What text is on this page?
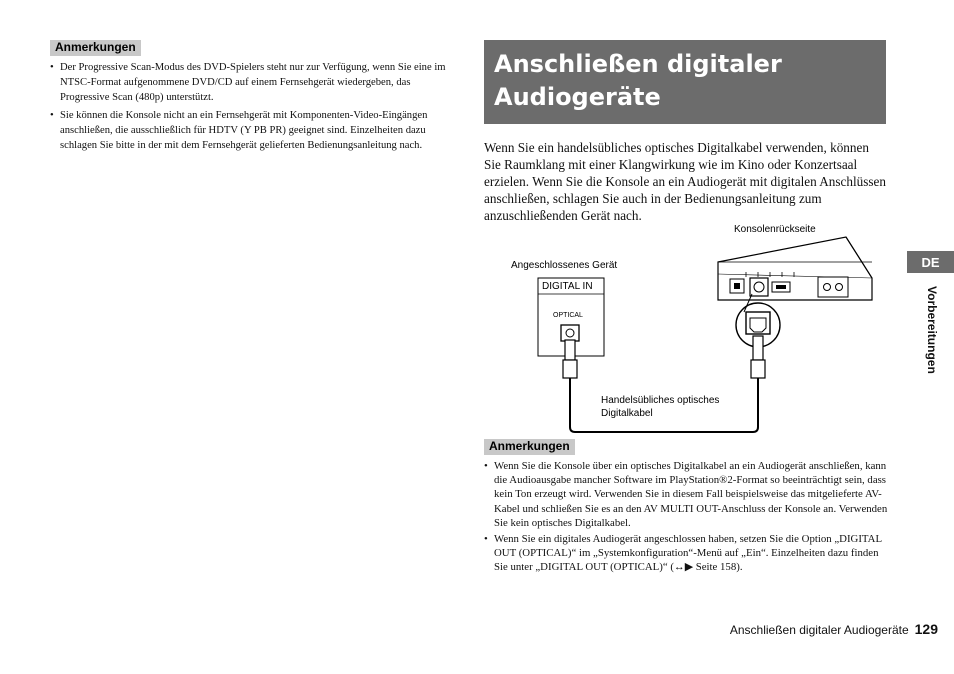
Anmerkungen
• Der Progressive Scan-Modus des DVD-Spielers steht nur zur Verfügung, wenn Sie eine im NTSC-Format aufgenommene DVD/CD auf einem Fernsehgerät wiedergeben, das Progressive Scan (480p) unterstützt.
• Sie können die Konsole nicht an ein Fernsehgerät mit Komponenten-Video-Eingängen anschließen, die ausschließlich für HDTV (Y PB PR) geeignet sind. Einzelheiten dazu schlagen Sie bitte in der mit dem Fernsehgerät gelieferten Bedienungsanleitung nach.
Anschließen digitaler
Audiogeräte

Wenn Sie ein handelsübliches optisches Digitalkabel verwenden, können Sie Raumklang mit einer Klangwirkung wie im Kino oder Konzertsaal erzielen. Wenn Sie die Konsole an ein Audiogerät mit digitalen Anschlüssen anschließen, schlagen Sie auch in der Bedienungsanleitung zum anzuschließenden Gerät nach.

DIGITAL IN
OPTICAL
Konsolenrückseite
Angeschlossenes Gerät
Handelsübliches optisches
Digitalkabel
Anmerkungen
• Wenn Sie die Konsole über ein optisches Digitalkabel an ein Audiogerät anschließen, kann die Audioausgabe mancher Software im PlayStation®2-Format so beeinträchtigt sein, dass kein Ton erzeugt wird. Verwenden Sie in diesem Fall beispielsweise das mitgelieferte AV-Kabel und schließen Sie es an den AV MULTI OUT-Anschluss der Konsole an. Verwenden Sie kein optisches Digitalkabel.
• Wenn Sie ein digitales Audiogerät angeschlossen haben, setzen Sie die Option „DIGITAL OUT (OPTICAL)“ im „Systemkonfiguration“-Menü auf „Ein“. Einzelheiten dazu finden Sie unter „DIGITAL OUT (OPTICAL)“ (↔▶ Seite 158).
DE
Vorbereitungen
Anschließen digitaler Audiogeräte 129
